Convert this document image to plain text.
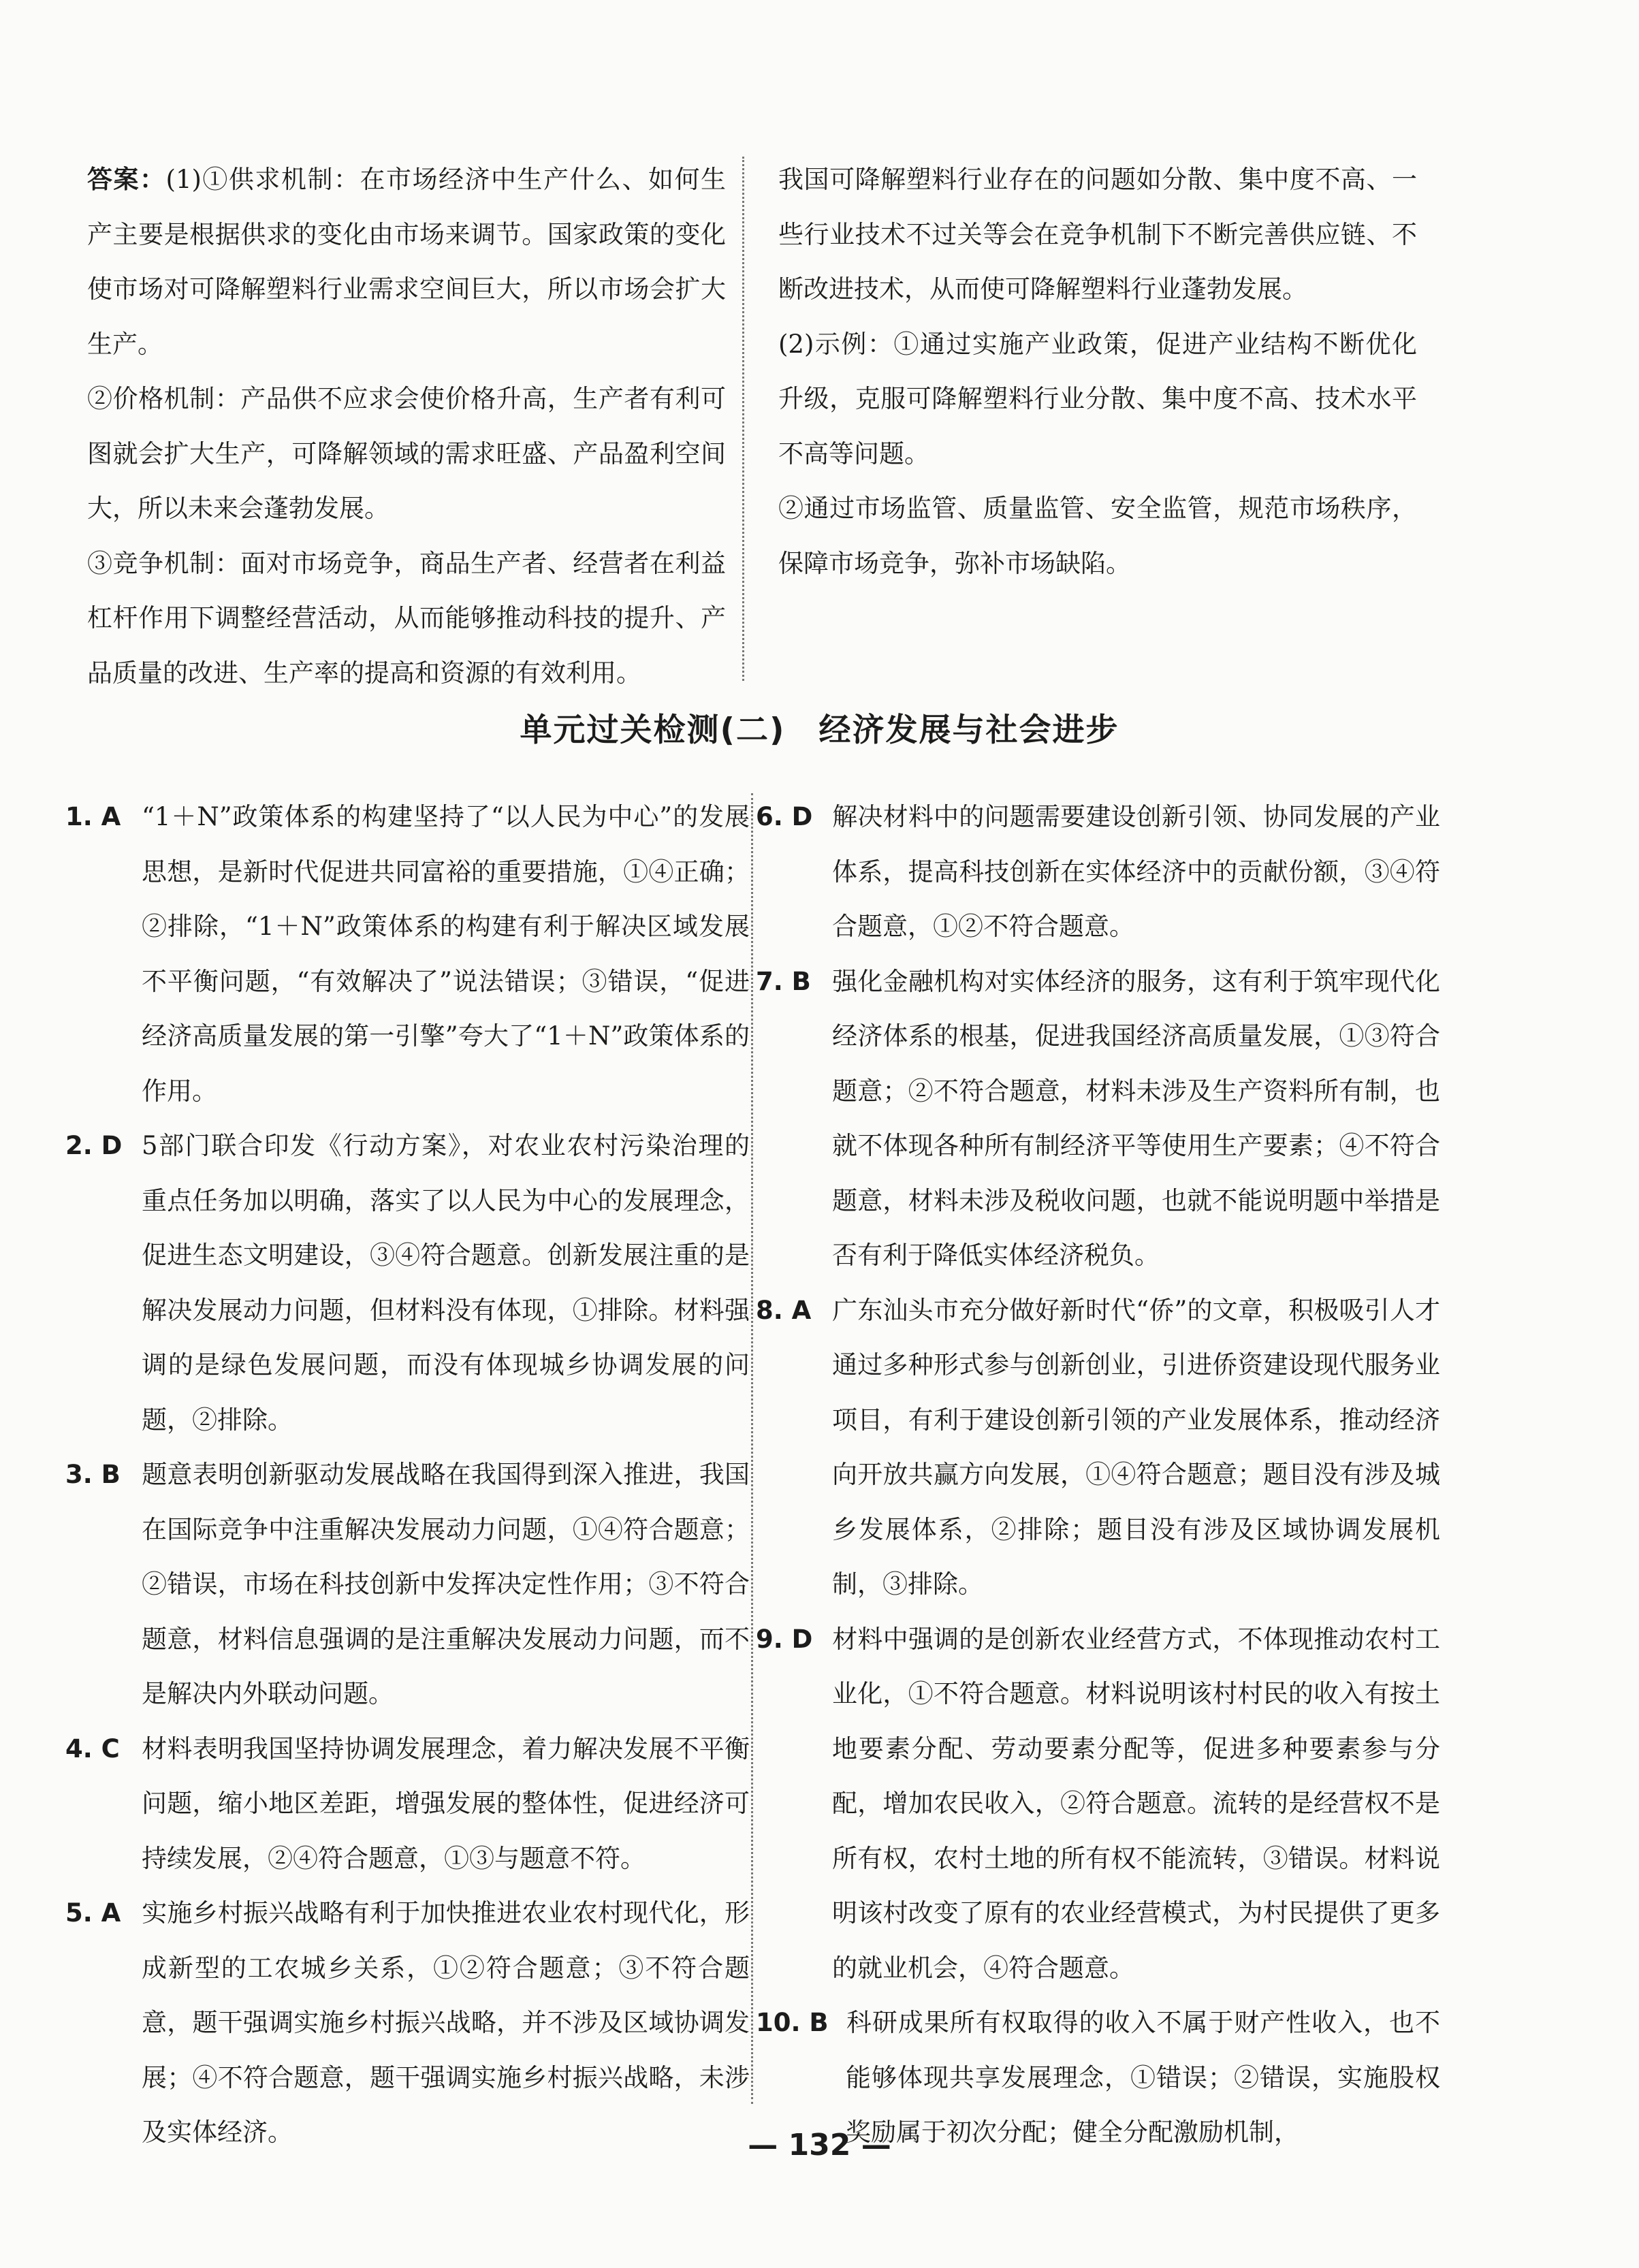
答案：(1)①供求机制：在市场经济中生产什么、如何生产主要是根据供求的变化由市场来调节。国家政策的变化使市场对可降解塑料行业需求空间巨大，所以市场会扩大生产。

②价格机制：产品供不应求会使价格升高，生产者有利可图就会扩大生产，可降解领域的需求旺盛、产品盈利空间大，所以未来会蓬勃发展。

③竞争机制：面对市场竞争，商品生产者、经营者在利益杠杆作用下调整经营活动，从而能够推动科技的提升、产品质量的改进、生产率的提高和资源的有效利用。

我国可降解塑料行业存在的问题如分散、集中度不高、一些行业技术不过关等会在竞争机制下不断完善供应链、不断改进技术，从而使可降解塑料行业蓬勃发展。

(2)示例：①通过实施产业政策，促进产业结构不断优化升级，克服可降解塑料行业分散、集中度不高、技术水平不高等问题。

②通过市场监管、质量监管、安全监管，规范市场秩序，保障市场竞争，弥补市场缺陷。

单元过关检测(二)　经济发展与社会进步

1. A “1＋N”政策体系的构建坚持了“以人民为中心”的发展思想，是新时代促进共同富裕的重要措施，①④正确；②排除，“1＋N”政策体系的构建有利于解决区域发展不平衡问题，“有效解决了”说法错误；③错误，“促进经济高质量发展的第一引擎”夸大了“1＋N”政策体系的作用。

2. D 5部门联合印发《行动方案》，对农业农村污染治理的重点任务加以明确，落实了以人民为中心的发展理念，促进生态文明建设，③④符合题意。创新发展注重的是解决发展动力问题，但材料没有体现，①排除。材料强调的是绿色发展问题，而没有体现城乡协调发展的问题，②排除。

3. B 题意表明创新驱动发展战略在我国得到深入推进，我国在国际竞争中注重解决发展动力问题，①④符合题意；②错误，市场在科技创新中发挥决定性作用；③不符合题意，材料信息强调的是注重解决发展动力问题，而不是解决内外联动问题。

4. C 材料表明我国坚持协调发展理念，着力解决发展不平衡问题，缩小地区差距，增强发展的整体性，促进经济可持续发展，②④符合题意，①③与题意不符。

5. A 实施乡村振兴战略有利于加快推进农业农村现代化，形成新型的工农城乡关系，①②符合题意；③不符合题意，题干强调实施乡村振兴战略，并不涉及区域协调发展；④不符合题意，题干强调实施乡村振兴战略，未涉及实体经济。

6. D 解决材料中的问题需要建设创新引领、协同发展的产业体系，提高科技创新在实体经济中的贡献份额，③④符合题意，①②不符合题意。

7. B 强化金融机构对实体经济的服务，这有利于筑牢现代化经济体系的根基，促进我国经济高质量发展，①③符合题意；②不符合题意，材料未涉及生产资料所有制，也就不体现各种所有制经济平等使用生产要素；④不符合题意，材料未涉及税收问题，也就不能说明题中举措是否有利于降低实体经济税负。

8. A 广东汕头市充分做好新时代“侨”的文章，积极吸引人才通过多种形式参与创新创业，引进侨资建设现代服务业项目，有利于建设创新引领的产业发展体系，推动经济向开放共赢方向发展，①④符合题意；题目没有涉及城乡发展体系，②排除；题目没有涉及区域协调发展机制，③排除。

9. D 材料中强调的是创新农业经营方式，不体现推动农村工业化，①不符合题意。材料说明该村村民的收入有按土地要素分配、劳动要素分配等，促进多种要素参与分配，增加农民收入，②符合题意。流转的是经营权不是所有权，农村土地的所有权不能流转，③错误。材料说明该村改变了原有的农业经营模式，为村民提供了更多的就业机会，④符合题意。

10. B 科研成果所有权取得的收入不属于财产性收入，也不能够体现共享发展理念，①错误；②错误，实施股权奖励属于初次分配；健全分配激励机制，

— 132 —
